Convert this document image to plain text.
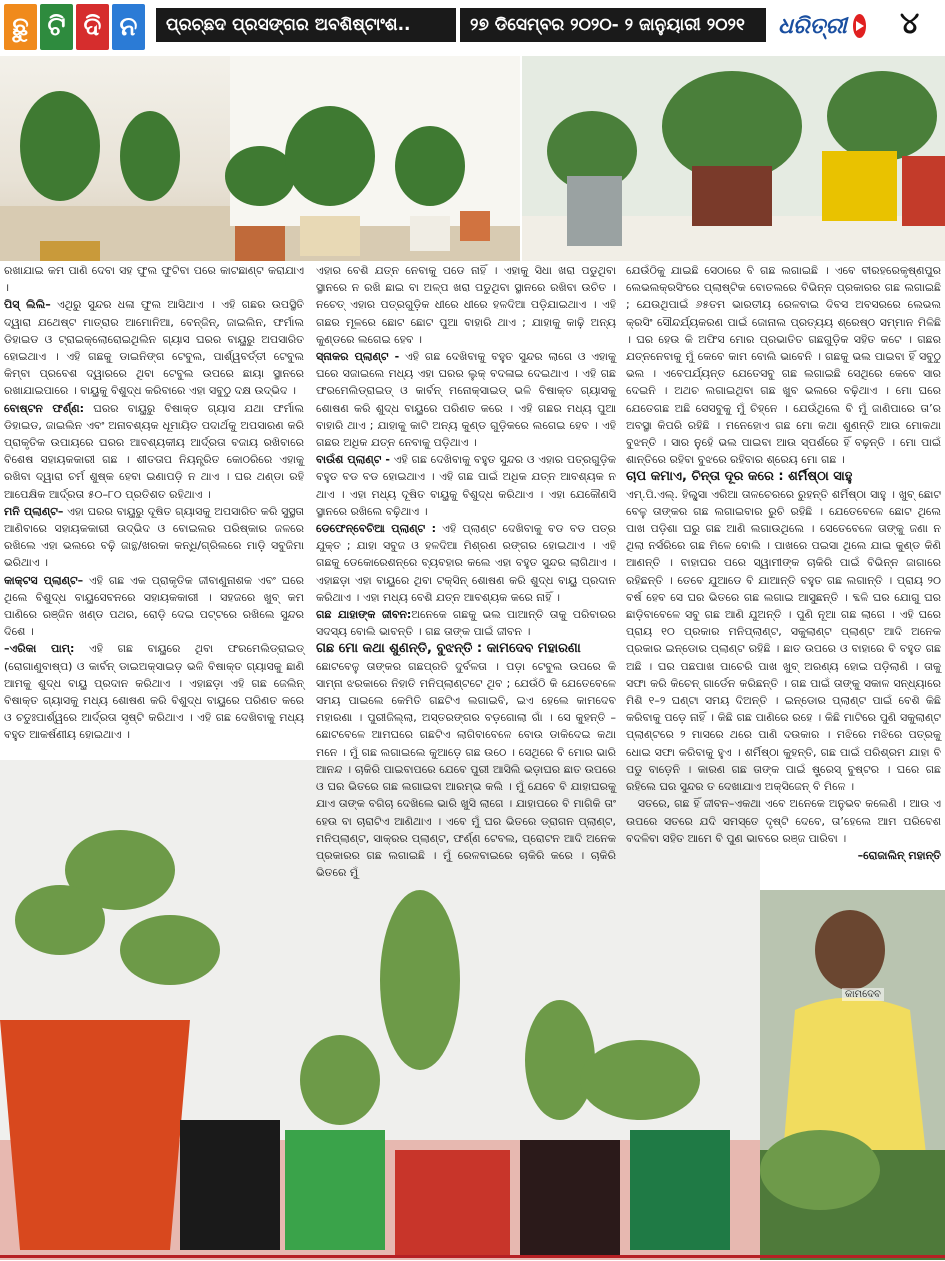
ଛୁ ଟି ଦି ନ	ପ୍ରଚ୍ଛଦ ପ୍ରସଙ୍ଗର ଅବଶିଷ୍ଟାଂଶ..	୨୭ ଡିସେମ୍ବର ୨୦୨୦- ୨ ଜାନୁୟାରୀ ୨୦୨୧ ଧରିତ୍ରୀ ୪
କାମଦେବ

ରଖାଯାଇ କମ ପାଣି ଦେବା ସହ ଫୁଲ ଫୁଟିବା ପରେ କାଟଛାଣ୍ଟ କରାଯାଏ ।

ପିସ୍ ଲିଲି– ଏଥିରୁ ସୁନ୍ଦର ଧଳା ଫୁଲ ଆସିଥାଏ । ଏହି ଗଛର ଉପସ୍ଥିତି ଦ୍ୱାରା ଯଥେଷ୍ଟ ମାତ୍ରାର ଆମୋନିଆ, ବେନ୍‌ଜିନ୍, ଜାଇଲିନ, ଫର୍ମାଲ ଡିହାଇଡ ଓ ଟ୍ରାଇକ୍ଲୋରୋଇଥିଲିନ ଗ୍ୟାସ ଘରର ବାୟୁରୁ ଅପସାରିତ ହୋଇଥାଏ । ଏହି ଗଛକୁ ଡାଇନିଙ୍ଗ ଟେବୁଲ, ପାର୍ଶ୍ୱବର୍ତ୍ତୀ ଟେବୁଲ କିମ୍ବା ପ୍ରବେଶ ଦ୍ୱାରରେ ଥିବା ଟେବୁଲ ଉପରେ ଛାୟା ସ୍ଥାନରେ ରଖାଯାଇପାରେ । ବାୟୁକୁ ବିଶୁଦ୍ଧ କରିବାରେ ଏହା ସବୁଠୁ ଦକ୍ଷ ଉଦ୍ଭିଦ ।

ବୋଷ୍ଟନ ଫର୍ଣ୍ଣ: ଘରର ବାୟୁରୁ ବିଷାକ୍ତ ଗ୍ୟାସ ଯଥା ଫର୍ମାଲ ଡିହାଇଡ, ଜାଇଲିନ ଏବଂ ଅନାବଶ୍ୟକ ଧୂମାୟିତ ପଦାର୍ଥକୁ ଅପସାରଣ କରି ପ୍ରାକୃତିକ ଉପାୟରେ ଘରର ଆବଶ୍ୟକୀୟ ଆର୍ଦ୍ରତା ବଜାୟ ରଖିବାରେ ବିଶେଷ ସହାୟକକାରୀ ଗଛ । ଶୀତତାପ ନିୟନ୍ତ୍ରିତ କୋଠରିରେ ଏହାକୁ ରଖିବା ଦ୍ୱାରା ଚର୍ମ ଶୁଷ୍କ ହେବା ଇଣାପଡ଼ି ନ ଥାଏ । ଘର ଥଣ୍ଡା ରହି ଆପେକ୍ଷିକ ଆର୍ଦ୍ରତା ୫୦–୮୦ ପ୍ରତିଶତ ରହିଥାଏ ।

ମନି ପ୍ଲାଣ୍ଟ– ଏହା ଘରର ବାୟୁରୁ ଦୂଷିତ ଗ୍ୟାସକୁ ଅପସାରିତ କରି ସୁସ୍ଥତା ଆଣିବାରେ ସହାୟକକାରୀ ଉଦ୍ଭିଦ ଓ ବୋଇଲର ପରିଷ୍କାର ଜଳରେ ରଖିଲେ ଏହା ଭଲରେ ବଢ଼ି ଜାନ୍ଥ/ଖରକା କନ୍ଧି/ଗ୍ରିଲରେ ମାଡ଼ି ସବୁଜିମା ଭରିଥାଏ ।

କାକ୍ଟସ ପ୍ଲାଣ୍ଟ– ଏହି ଗଛ ଏକ ପ୍ରାକୃତିକ ଜୀବାଣୁନାଶକ ଏବଂ ଘରେ ଥିଲେ ବିଶୁଦ୍ଧ ବାୟୁସେବନରେ ସହାୟକକାରୀ । ସହଜରେ ଖୁବ୍ କମ ପାଣିରେ ରଞ୍ଜିନ ଖଣ୍ଡ ପଥର, ରୋଡ଼ି ଦେଇ ପଟ୍ଟରେ ରଖିଲେ ସୁନ୍ଦର ଦିଶେ ।

–ଏରିକା ପାମ୍: ଏହି ଗଛ ବାୟୁରେ ଥିବା ଫରମେଲିଡ୍ରାଇଡ୍ (ରୋଗାଣୁବାଷ୍ପ) ଓ କାର୍ବନ୍ ଡାଇଅକ୍ସାଇଡ଼ ଭଳି ବିଷାକ୍ତ ଗ୍ୟାସକୁ ଛାଣି ଆମକୁ ଶୁଦ୍ଧ ବାୟୁ ପ୍ରଦାନ କରିଥାଏ । ଏହାଛଡ଼ା ଏହି ଗଛ ଜେଲିନ୍ ବିଷାକ୍ତ ଗ୍ୟାସକୁ ମଧ୍ୟ ଶୋଷଣ କରି ବିଶୁଦ୍ଧ ବାୟୁରେ ପରିଣତ କରେ ଓ ଚତୁଃପାର୍ଶ୍ୱରେ ଆର୍ଦ୍ରତା ସୃଷ୍ଟି କରିଥାଏ । ଏହି ଗଛ ଦେଖିବାକୁ ମଧ୍ୟ ବହୁତ ଆକର୍ଷଣୀୟ ହୋଇଥାଏ ।

ଏହାର ବେଶି ଯତ୍ନ ନେବାକୁ ପଡେ ନାହିଁ । ଏହାକୁ ସିଧା ଖରା ପଡୁଥିବା ସ୍ଥାନରେ ନ ରଖି ଛାଇ ବା ଅଳ୍ପ ଖରା ପଡୁଥିବା ସ୍ଥାନରେ ରଖିବା ଉଚିତ । ନଚେତ୍ ଏହାର ପତ୍ରଗୁଡ଼ିକ ଧୀରେ ଧୀରେ ହଳଦିଆ ପଡ଼ିଯାଇଥାଏ । ଏହି ଗଛର ମୂଳରେ ଛୋଟ ଛୋଟ ପୁଆ ବାହାରି ଥାଏ ; ଯାହାକୁ କାଢ଼ି ଅନ୍ୟ କୁଣ୍ଡରେ ଲଗେଇ ହେବ ।

ସ୍ନାକର ପ୍ଲାଣ୍ଟ - ଏହି ଗଛ ଦେଖିବାକୁ ବହୁତ ସୁନ୍ଦର ଲାଗେ ଓ ଏହାକୁ ଘରେ ସଜାଇଲେ ମଧ୍ୟ ଏହା ଘରର ଲୁକ୍ ବଦଳାଇ ଦେଇଥାଏ । ଏହି ଗଛ ଫରମେଲିଡ୍ରାଇଡ୍ ଓ କାର୍ବନ୍ ମନୋକ୍ସାଇଡ୍ ଭଳି ବିଷାକ୍ତ ଗ୍ୟାସକୁ ଶୋଷଣ କରି ଶୁଦ୍ଧ ବାୟୁରେ ପରିଣତ କରେ । ଏହି ଗଛର ମଧ୍ୟ ପୁଆ ବାହାରି ଥାଏ ; ଯାହାକୁ କାଟି ଅନ୍ୟ କୁଣ୍ଡ ଗୁଡ଼ିକରେ ଲଗେଇ ହେବ । ଏହି ଗଛର ଅଧିକ ଯତ୍ନ ନେବାକୁ ପଡ଼ିଥାଏ ।

ବାଉଁଶ ପ୍ଲାଣ୍ଟ - ଏହି ଗଛ ଦେଖିବାକୁ ବହୁତ ସୁନ୍ଦର ଓ ଏହାର ପତ୍ରଗୁଡ଼ିକ ବହୁତ ବଡ ବଡ ହୋଇଥାଏ । ଏହି ଗଛ ପାଇଁ ଅଧିକ ଯତ୍ନ ଆବଶ୍ୟକ ନ ଥାଏ । ଏହା ମଧ୍ୟ ଦୂଷିତ ବାୟୁକୁ ବିଶୁଦ୍ଧ କରିଥାଏ । ଏହା ଯେକୌଣସି ସ୍ଥାନରେ ରଖିଲେ ବଢ଼ିଥାଏ ।

ଡେଫେନ୍‌ବେଚିଆ ପ୍ଲାଣ୍ଟ : ଏହି ପ୍ଲାଣ୍ଟ ଦେଖିବାକୁ ବଡ ବଡ ପତ୍ର ଯୁକ୍ତ ; ଯାହା ସବୁଜ ଓ ହଳଦିଆ ମିଶ୍ରଣ ରଙ୍ଗର ହୋଇଥାଏ । ଏହି ଗଛକୁ ଡେକୋରେଶନ୍‌ରେ ବ୍ୟବହାର କଲେ ଏହା ବହୁତ ସୁନ୍ଦର ଲାଗିଥାଏ । ଏହାଛଡ଼ା ଏହା ବାୟୁରେ ଥିବା ଟକ୍ସିନ୍ ଶୋଷଣ କରି ଶୁଦ୍ଧ ବାୟୁ ପ୍ରଦାନ କରିଥାଏ । ଏହା ମଧ୍ୟ ବେଶି ଯତ୍ନ ଆବଶ୍ୟକ କରେ ନାହିଁ ।

ଗଛ ଯାହାଙ୍କ ଜୀବନ:ଅନେକେ ଗଛକୁ ଭଲ ପାଆନ୍ତି ତାକୁ ପରିବାରର ସଦସ୍ୟ ବୋଲି ଭାବନ୍ତି । ଗଛ ତାଙ୍କ ପାଇଁ ଜୀବନ ।

ଗଛ ମୋ କଥା ଶୁଣନ୍ତି, ବୁଝନ୍ତି : କାମଦେବ ମହାରଣା

ଛୋଟବେଳୁ ତାଙ୍କର ଗଛପ୍ରତି ଦୁର୍ବଳତା । ପଡ଼ା ଟେବୁଲ ଉପରେ କି ସାମ୍ନା ଝରକାରେ ନିହାତି ମନିପ୍ଲାଣ୍ଟଟେ ଥିବ ; ଯେଉଁଠି କି ଯେତେବେଳେ ସମୟ ପାଇଲେ କେମିତି ଗଛଟିଏ ଲଗାଇବି, ଇଏ ହେଲେ କାମଦେବ ମହାରଣା । ପୁରୀଜିଲ୍ଲା, ଅସ୍ତରଙ୍ଗର ବଡ଼ଗୋଲା ଗାଁ । ସେ କୁହନ୍ତି – ଛୋଟବେଳେ ଆମଘରେ ଗଛଟିଏ ଲାଗିବାବେଳେ ବୋଉ ଡାକିଦେଇ କଥା ମନେ । ମୁଁ ଗଛ ଲଗାଇଲେ କୁଆଡ଼େ ଗଛ ଉଠେ । ସେଥିରେ ବି ମୋର ଭାରି ଆନନ୍ଦ । ଚାକିରି ପାଇବାପରେ ଯେବେ ପୁରୀ ଆସିଲି ଭଡ଼ାଘର ଛାତ ଉପରେ ଓ ଘର ଭିତରେ ଗଛ ଲଗାଇବା ଆରମ୍ଭ କଲି । ମୁଁ ଯେବେ ବି ଯାହାଘରକୁ ଯାଏ ତାଙ୍କ ବଗିଚା ଦେଖିଲେ ଭାରି ଖୁସି ଲାଗେ । ଯାହାପରେ ବି ମାଗିକି ତାଂ ହେଉ ବା ଚାରାଟିଏ ଆଣିଥାଏ । ଏବେ ମୁଁ ଘର ଭିତରେ ଡ୍ରାଗନ ପ୍ଲାଣ୍ଟ, ମନିପ୍ଲାଣ୍ଟ, ସାକ୍ରର ପ୍ଲାଣ୍ଟ, ଫର୍ଣ୍ଣ ଟେବଲ, ପ୍ରୋଟନ ଆଦି ଅନେକ ପ୍ରକାରର ଗଛ ଲଗାଇଛି । ମୁଁ ରେଳବାଇରେ ଚାକିରି କରେ । ଚାକିରି ଭିତରେ ମୁଁ

ଯେଉଁଠିକୁ ଯାଇଛି ସେଠାରେ ବି ଗଛ ଲଗାଇଛି । ଏବେ ବୀରହରେକୃଷ୍ଣପୁର ଲେଭଲକ୍ରସିଂରେ ପ୍ଲାଷ୍ଟିକ ବୋତଲରେ ବିଭିନ୍ନ ପ୍ରକାରର ଗଛ ଲଗାଇଛି ; ଯେଉଥିପାଇଁ ୬୫ତମ ଭାରତୀୟ ରେଳବାଇ ଦିବସ ଅବସରରେ ଲେଭଲ କ୍ରସିଂ ସୌନ୍ଦର୍ଯ୍ୟକରଣ ପାଇଁ ଜୋନାଲ ପ୍ରତ୍ୟୟ ଶ୍ରେଷ୍ଠ ସମ୍ମାନ ମିଳିଛି । ଘର ହେଉ କି ଅଫିସ ମୋର ପ୍ରଭାତିତ ଗଛଗୁଡ଼ିକ ସହିତ କଟେ । ଗଛର ଯତ୍ନନେବାକୁ ମୁଁ କେବେ କାମ ବୋଲି ଭାବେନି । ଗଛକୁ ଭଲ ପାଇବା ହିଁ ସବୁଠୁ ଭଲ । ଏବେପର୍ଯ୍ୟନ୍ତ ଯେତେସବୁ ଗଛ ଲଗାଇଛି ସେଥିରେ କେବେ ସାର ଦେଇନି । ଅଥଚ ଲଗାଇଥିବା ଗଛ ଖୁବ ଭଲରେ ବଢ଼ିଥାଏ । ମୋ ଘରେ ଯେତେଗଛ ଅଛି ସେସବୁକୁ ମୁଁ ଚିହ୍ନେ । ଯେଉଁଥିଲେ ବି ମୁଁ ଜାଣିପାରେ ତା’ର ଅବସ୍ଥା କିପରି ରହିଛି । ମନେହୋଏ ଗଛ ମୋ କଥା ଶୁଣନ୍ତି ଆଉ ମୋକଥା ବୁଝନ୍ତି । ସାର ନୁହେଁ ଭଲ ପାଇବା ଆଉ ସ୍ପର୍ଶରେ ହିଁ ବଢ଼ନ୍ତି । ମୋ ପାଇଁ ଶାନ୍ତିରେ ରହିବା ବୁଝରେ ରହିବାର ଶ୍ରେୟ ମୋ ଗଛ ।

ଚାପ କମାଏ, ଚିନ୍ତା ଦୂର କରେ : ଶର୍ମିଷ୍ଠା ସାହୁ

ଏମ୍.ପି.ଏଲ୍. ହିଲ୍କ୍ସା ଏରିଆ ତାଳଚେରରେ ରୁହନ୍ତି ଶର୍ମିଷ୍ଠା ସାହୁ । ଖୁବ୍ ଛୋଟ ବେଳୁ ତାଙ୍କର ଗଛ ଲଗାଇବାର ରୁଚି ରହିଛି । ଯେତେବେଳେ ଛୋଟ ଥିଲେ ପାଖ ପଡ଼ିଶା ଘରୁ ଗଛ ଆଣି ଲଗାଉଥିଲେ । ସେତେବେଳେ ତାଙ୍କୁ ଜଣା ନ ଥିଲା ନର୍ସରିରେ ଗଛ ମିଳେ ବୋଲି । ପାଖରେ ପଇସା ଥିଲେ ଯାଇ କୁଣ୍ଡ କିଣି ଆଣନ୍ତି । ବାହାଘର ପରେ ସ୍ୱାମୀଙ୍କ ଚାକିରି ପାଇଁ ବିଭିନ୍ନ ଜାଗାରେ ରହିଛନ୍ତି । ତେବେ ଯୁଆଡେ ବି ଯାଆନ୍ତି ବହୁତ ଗଛ ଲଗାନ୍ତି । ପ୍ରାୟ ୨୦ ବର୍ଷ ହେବ ସେ ଘର ଭିତରେ ଗଛ ଲଗାଇ ଆସୁଛନ୍ତି । ବ୍ଦଳି ଘର ଯୋଗୁ ଘର ଛାଡ଼ିବାବେଳେ ସବୁ ଗଛ ଆଣି ଯୁଅନ୍ତି । ପୁଣି ନୂଆ ଗଛ ଲାଗେ । ଏହି ଘରେ ପ୍ରାୟ ୧୦ ପ୍ରକାର ମନିପ୍ଲାଣ୍ଟ, ସକୁଲାଣ୍ଟ ପ୍ଲାଣ୍ଟ ଆଦି ଅନେକ ପ୍ରକାର ଇନ୍‌ଡୋର ପ୍ଲାଣ୍ଟ ରହିଛି । ଛାତ ଉପରେ ଓ ବାହାରେ ବି ବହୁତ ଗଛ ଅଛି । ଘର ପଛପାଖ ପାଚେରି ପାଖ ଖୁବ୍ ଅରଣ୍ୟ ହୋଇ ପଡ଼ିଲାଣି । ତାକୁ ସଫା କରି କିଚେନ୍ ଗାର୍ଡେନ କରିଛନ୍ତି । ଗଛ ପାଇଁ ତାଙ୍କୁ ସକାଳ ସନ୍ଧ୍ୟାରେ ମିଶି ୧–୨ ଘଣ୍ଟା ସମୟ ଦିଅନ୍ତି । ଇନ୍‌ଡୋର ପ୍ଲାଣ୍ଟ ପାଇଁ ବେଶି କିଛି କରିବାକୁ ପଡ଼େ ନାହିଁ । କିଛି ଗଛ ପାଣିରେ ରହେ । କିଛି ମାଟିରେ ପୁଣି ସକୁଲାଣ୍ଟ ପ୍ଲାଣ୍ଟରେ ୨ ମାସରେ ଥରେ ପାଣି ଦଉକାର । ମଝିରେ ମଝିରେ ପତ୍ରକୁ ଧୋଇ ସଫା କରିବାକୁ ହୁଏ । ଶର୍ମିଷ୍ଠା କୁହନ୍ତି, ଗଛ ପାଇଁ ପରିଶ୍ରମ ଯାହା ବି ପଡୁ ବାଡ଼େନି । କାରଣ ଗଛ ତାଙ୍କ ପାଇଁ ଷ୍ଟ୍ରେସ୍ ବୁଷ୍ଟର । ଘରେ ଗଛ ରହିଲେ ଘର ସୁନ୍ଦର ତ ଦେଖାଯାଏ ଅକ୍ସିଜେନ୍ ବି ମିଳେ ।

ସତରେ, ଗଛ ହିଁ ଜୀବନ–ଏକଥା ଏବେ ଅନେକେ ଅନୁଭବ କଲେଣି । ଆଉ ଏ ଉପରେ ସତରେ ଯଦି ସମସ୍ତେ ଦୃଷ୍ଟି ଦେବେ, ତା’ହେଲେ ଆମ ପରିବେଶ ବଦଳିବା ସହିତ ଆମେ ବି ପୁଣ ଭାବରେ ରଞ୍ଜ ପାରିବା ।

–ରୋଜାଲିନ୍ ମହାନ୍ତି
